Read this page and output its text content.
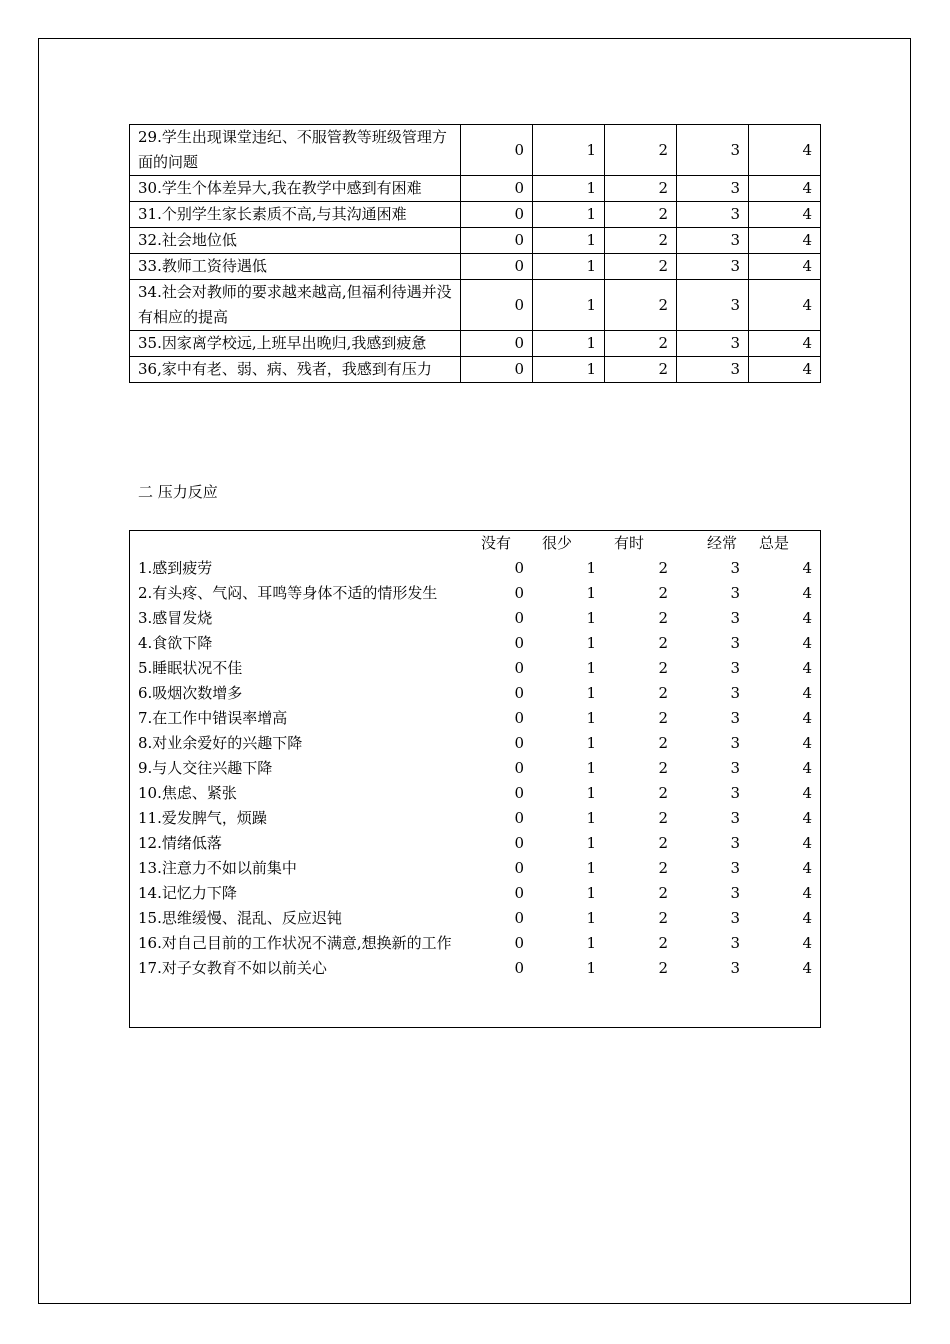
29.学生出现课堂违纪、不服管教等班级管理方面的问题	0	1	2	3	4
30.学生个体差异大,我在教学中感到有困难	0	1	2	3	4
31.个别学生家长素质不高,与其沟通困难	0	1	2	3	4
32.社会地位低	0	1	2	3	4
33.教师工资待遇低	0	1	2	3	4
34.社会对教师的要求越来越高,但福利待遇并没有相应的提高	0	1	2	3	4
35.因家离学校远,上班早出晚归,我感到疲惫	0	1	2	3	4
36,家中有老、弱、病、残者，我感到有压力	0	1	2	3	4
二 压力反应
没有 很少	有时	经常 总是
1.感到疲劳	0	1	2	3	4
2.有头疼、气闷、耳鸣等身体不适的情形发生	0	1	2	3	4
3.感冒发烧	0	1	2	3	4
4.食欲下降	0	1	2	3	4
5.睡眠状况不佳	0	1	2	3	4
6.吸烟次数增多	0	1	2	3	4
7.在工作中错误率增高	0	1	2	3	4
8.对业余爱好的兴趣下降	0	1	2	3	4
9.与人交往兴趣下降	0	1	2	3	4
10.焦虑、紧张	0	1	2	3	4
11.爱发脾气，烦躁	0	1	2	3	4
12.情绪低落	0	1	2	3	4
13.注意力不如以前集中	0	1	2	3	4
14.记忆力下降	0	1	2	3	4
15.思维缓慢、混乱、反应迟钝	0	1	2	3	4
16.对自己目前的工作状况不满意,想换新的工作	0	1	2	3	4
17.对子女教育不如以前关心	0	1	2	3	4
